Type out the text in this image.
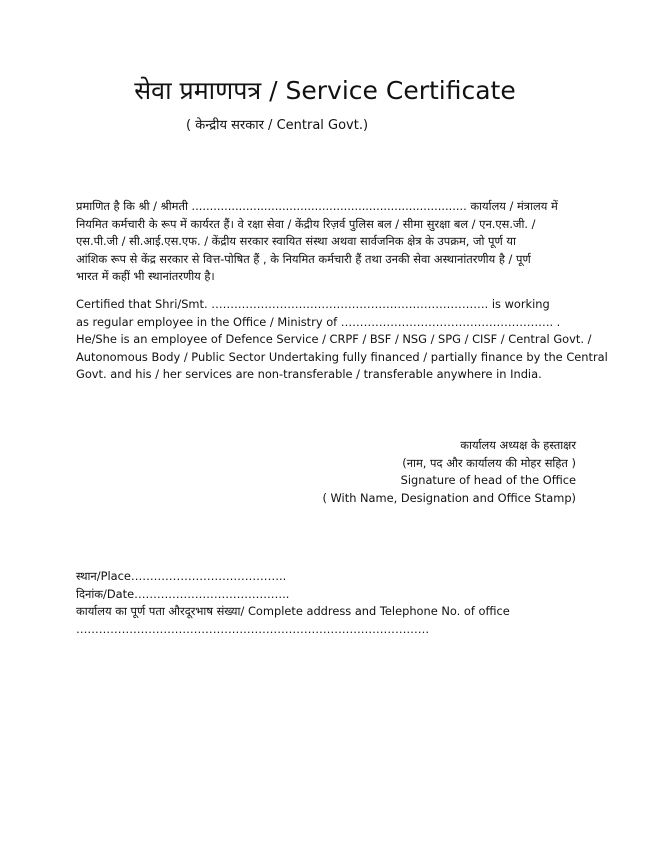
सेवा प्रमाणपत्र / Service Certificate
( केन्द्रीय सरकार / Central Govt.)
प्रमाणित है कि श्री / श्रीमती ............................................................................ कार्यालय / मंत्रालय में
नियमित कर्मचारी के रूप में कार्यरत हैं। वे रक्षा सेवा / केंद्रीय रिज़र्व पुलिस बल / सीमा सुरक्षा बल / एन.एस.जी. /
एस.पी.जी / सी.आई.एस.एफ. / केंद्रीय सरकार स्वायित संस्था अथवा सार्वजनिक क्षेत्र के उपक्रम, जो पूर्ण या
आंशिक रूप से केंद्र सरकार से वित्त-पोषित हैं , के नियमित कर्मचारी हैं तथा उनकी सेवा अस्थानांतरणीय है / पूर्ण
भारत में कहीं भी स्थानांतरणीय है।
Certified that Shri/Smt. ………………………………………………………………. is working
as regular employee in the Office / Ministry of ……………………………………………….. .
He/She is an employee of Defence Service / CRPF / BSF / NSG / SPG / CISF / Central Govt. /
Autonomous Body / Public Sector Undertaking fully financed / partially finance by the Central
Govt. and his / her services are non-transferable / transferable anywhere in India.
कार्यालय अध्यक्ष के हस्ताक्षर
(नाम, पद और कार्यालय की मोहर सहित )
Signature of head of the Office
( With Name, Designation and Office Stamp)
स्थान/Place…………………………………..
दिनांक/Date…………………………………..
कार्यालय का पूर्ण पता औरदूरभाष संख्या/ Complete address and Telephone No. of office
…………………………………………………………………………………
